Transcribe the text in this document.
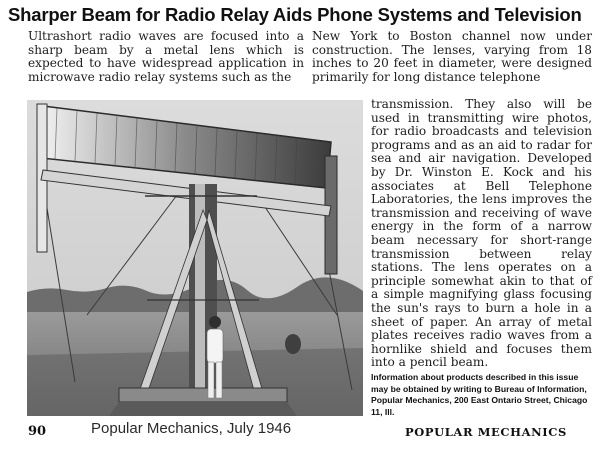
Sharper Beam for Radio Relay Aids Phone Systems and Television

Ultrashort radio waves are focused into a sharp beam by a metal lens which is expected to have widespread application in microwave radio relay systems such as the

New York to Boston channel now under construction. The lenses, varying from 18 inches to 20 feet in diameter, were designed primarily for long distance telephone

transmission. They also will be used in transmitting wire photos, for radio broadcasts and television programs and as an aid to radar for sea and air navigation. Developed by Dr. Winston E. Kock and his associates at Bell Telephone Laboratories, the lens improves the transmission and receiving of wave energy in the form of a narrow beam necessary for short-range transmission between relay stations. The lens operates on a principle somewhat akin to that of a simple magnifying glass focusing the sun's rays to burn a hole in a sheet of paper. An array of metal plates receives radio waves from a hornlike shield and focuses them into a pencil beam.

Information about products described in this issue may be obtained by writing to Bureau of Information, Popular Mechanics, 200 East Ontario Street, Chicago 11, Ill.

90	Popular Mechanics, July 1946	POPULAR MECHANICS
